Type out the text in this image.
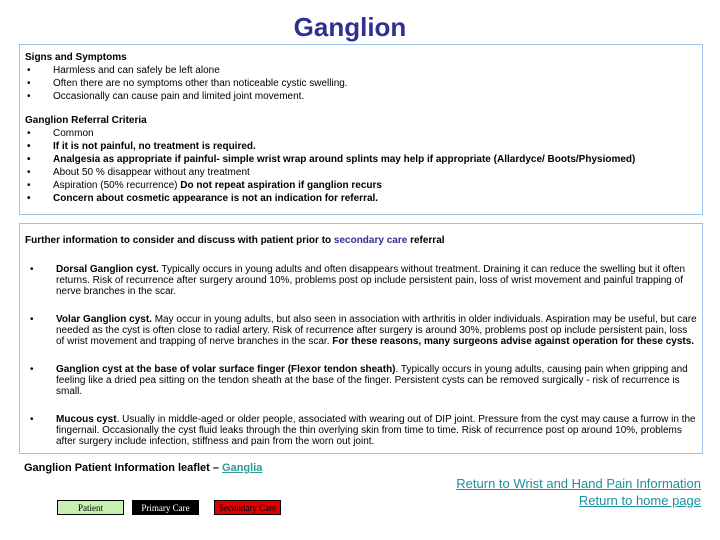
Ganglion
Signs and Symptoms
• Harmless and can safely be left alone
• Often there are no symptoms other than noticeable cystic swelling.
• Occasionally can cause pain and limited joint movement.
Ganglion Referral Criteria
• Common
• If it is not painful, no treatment is required.
• Analgesia as appropriate if painful- simple wrist wrap around splints may help if appropriate (Allardyce/ Boots/Physiomed)
• About 50 % disappear without any treatment
• Aspiration (50% recurrence) Do not repeat aspiration if ganglion recurs
• Concern about cosmetic appearance is not an indication for referral.
Further information to consider and discuss with patient prior to secondary care referral
• Dorsal Ganglion cyst. Typically occurs in young adults and often disappears without treatment. Draining it can reduce the swelling but it often returns. Risk of recurrence after surgery around 10%, problems post op include persistent pain, loss of wrist movement and painful trapping of nerve branches in the scar.
• Volar Ganglion cyst. May occur in young adults, but also seen in association with arthritis in older individuals. Aspiration may be useful, but care needed as the cyst is often close to radial artery. Risk of recurrence after surgery is around 30%, problems post op include persistent pain, loss of wrist movement and trapping of nerve branches in the scar. For these reasons, many surgeons advise against operation for these cysts.
• Ganglion cyst at the base of volar surface finger (Flexor tendon sheath). Typically occurs in young adults, causing pain when gripping and feeling like a dried pea sitting on the tendon sheath at the base of the finger. Persistent cysts can be removed surgically - risk of recurrence is small.
• Mucous cyst. Usually in middle-aged or older people, associated with wearing out of DIP joint. Pressure from the cyst may cause a furrow in the fingernail. Occasionally the cyst fluid leaks through the thin overlying skin from time to time. Risk of recurrence post op around 10%, problems after surgery include infection, stiffness and pain from the worn out joint.
Ganglion Patient Information leaflet – Ganglia
Patient	Primary Care	Secondary Care
Return to Wrist and Hand Pain Information
Return to home page
